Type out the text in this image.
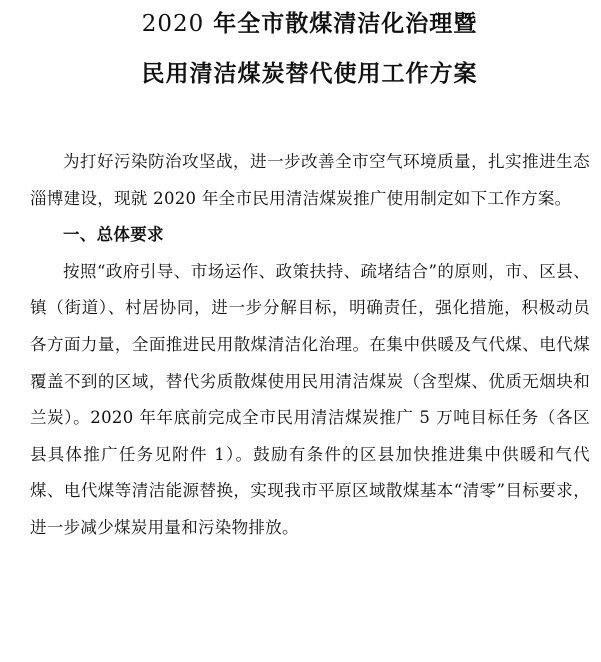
2020 年全市散煤清洁化治理暨
民用清洁煤炭替代使用工作方案

为打好污染防治攻坚战，进一步改善全市空气环境质量，扎实推进生态淄博建设，现就 2020 年全市民用清洁煤炭推广使用制定如下工作方案。

一、总体要求

按照“政府引导、市场运作、政策扶持、疏堵结合”的原则，市、区县、镇（街道）、村居协同，进一步分解目标，明确责任，强化措施，积极动员各方面力量，全面推进民用散煤清洁化治理。在集中供暖及气代煤、电代煤覆盖不到的区域，替代劣质散煤使用民用清洁煤炭（含型煤、优质无烟块和兰炭）。2020 年年底前完成全市民用清洁煤炭推广 5 万吨目标任务（各区县具体推广任务见附件 1）。鼓励有条件的区县加快推进集中供暖和气代煤、电代煤等清洁能源替换，实现我市平原区域散煤基本“清零”目标要求，进一步减少煤炭用量和污染物排放。
